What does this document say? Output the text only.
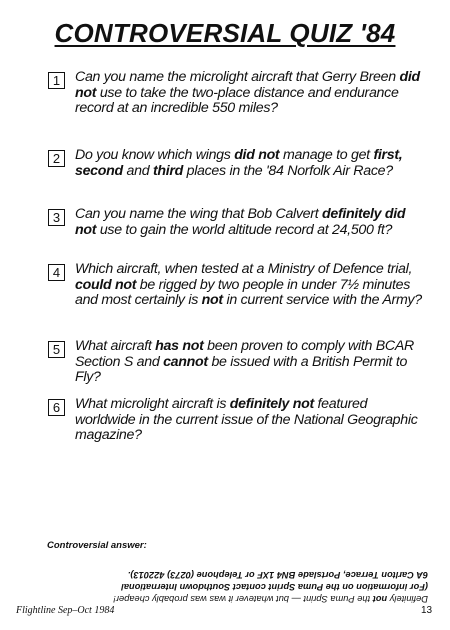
CONTROVERSIAL QUIZ '84
1	Can you name the microlight aircraft that Gerry Breen did not use to take the two-place distance and endurance record at an incredible 550 miles?
2	Do you know which wings did not manage to get first, second and third places in the '84 Norfolk Air Race?
3	Can you name the wing that Bob Calvert definitely did not use to gain the world altitude record at 24,500 ft?
4	Which aircraft, when tested at a Ministry of Defence trial, could not be rigged by two people in under 7½ minutes and most certainly is not in current service with the Army?
5	What aircraft has not been proven to comply with BCAR Section S and cannot be issued with a British Permit to Fly?
6	What microlight aircraft is definitely not featured worldwide in the current issue of the National Geographic magazine?
Controversial answer:
Definitely not the Puma Sprint — but whatever it was was probably cheaper!
(For information on the Puma Sprint contact Southdown International
6A Carlton Terrace, Portslade BN4 1XF or Telephone (0273) 422013).
Flightline Sep–Oct 1984	13
